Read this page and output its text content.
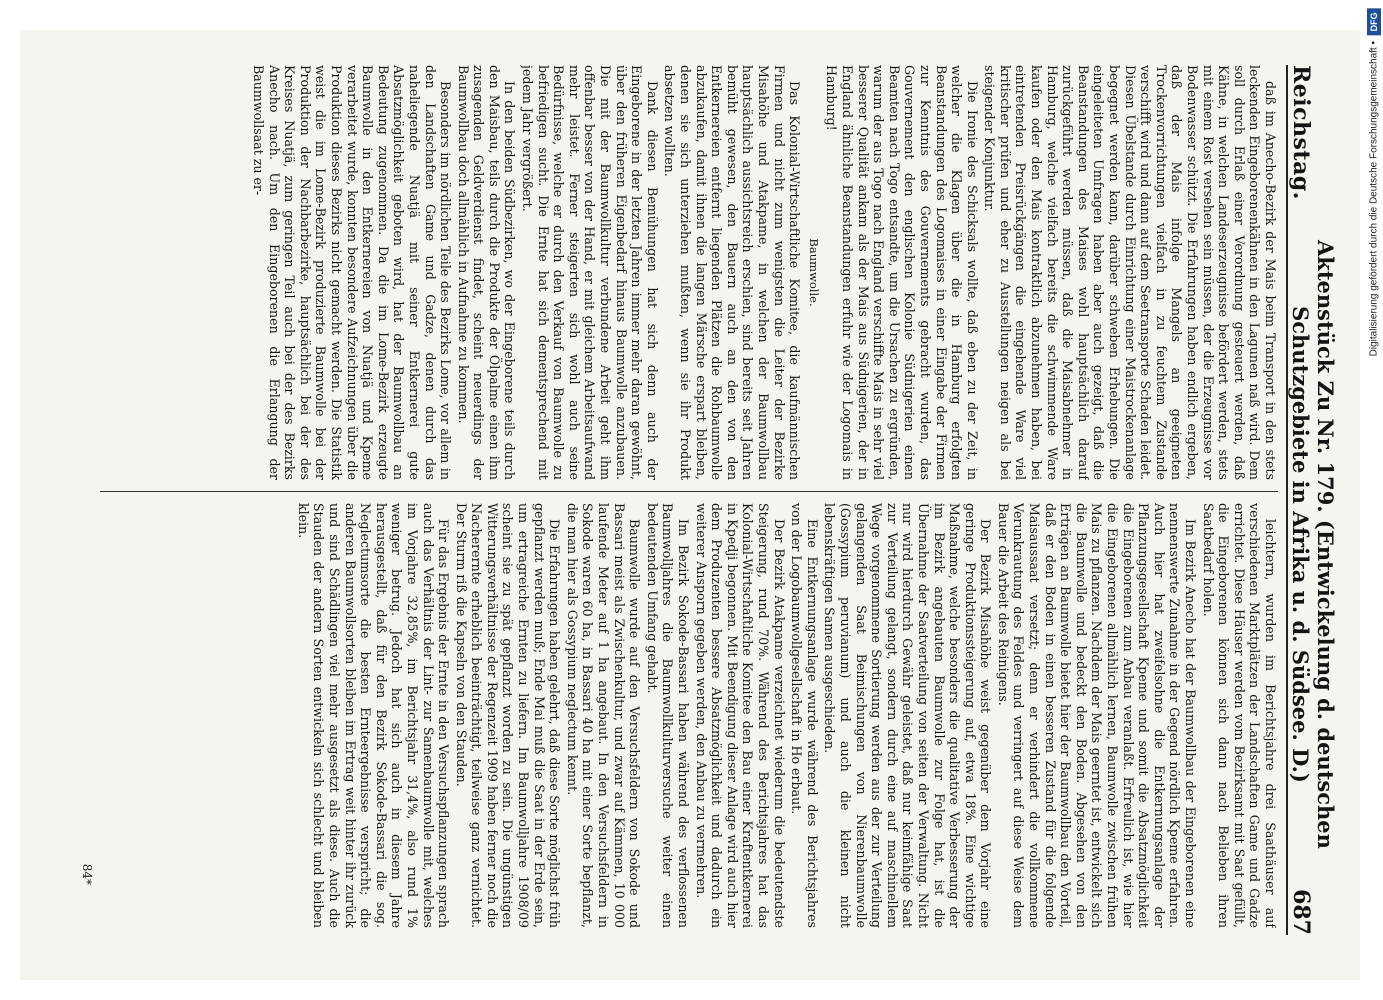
Reichstag.
Aktenstück Zu Nr. 179. (Entwickelung d. deutschen Schutzgebiete in Afrika u. d. Südsee. D.)
687

daß im Anecho-Bezirk der Mais beim Transport in den stets leckenden Eingeborenenkähnen in den Lagunen naß wird. Dem soll durch Erlaß einer Verordnung gesteuert werden, daß Kähne, in welchen Landeserzeugnisse befördert werden, stets mit einem Rost versehen sein müssen, der die Erzeugnisse vor Bodenwasser schützt. Die Erfahrungen haben endlich ergeben, daß der Mais infolge Mangels an geeigneten Trockenvorrichtungen vielfach in zu feuchtem Zustande verschifft wird und dann auf dem Seetransporte Schaden leidet. Diesen Übelstande durch Einrichtung einer Maistrockenanlage begegnet werden kann, darüber schweben Erhebungen. Die eingeleiteten Umfragen haben aber auch gezeigt, daß die Beanstandungen des Maises wohl hauptsächlich darauf zurückgeführt werden müssen, daß die Maisabnehmer in Hamburg, welche vielfach bereits die schwimmende Ware kaufen oder den Mais kontraktlich abzunehmen haben, bei eintretenden Preisrückgängen die eingehende Ware viel kritischer prüfen und eher zu Ausstellungen neigen als bei steigender Konjunktur.

Die Ironie des Schicksals wollte, daß eben zu der Zeit, in welcher die Klagen über die in Hamburg erfolgten Beanstandungen des Logomaises in einer Eingabe der Firmen zur Kenntnis des Gouvernements gebracht wurden, das Gouvernement den englischen Kolonie Südnigerien einen Beamten nach Togo entsandte, um die Ursachen zu ergründen, warum der aus Togo nach England verschiffte Mais in sehr viel besserer Qualität ankam als der Mais aus Südnigerien, der in England ähnliche Beanstandungen erfuhr wie der Logomais in Hamburg!

Baumwolle.

Das Kolonial-Wirtschaftliche Komitee, die kaufmännischen Firmen und nicht zum wenigsten die Leiter der Bezirke Misahöhe und Atakpame, in welchen der Baumwollbau hauptsächlich aussichtsreich erschien, sind bereits seit Jahren bemüht gewesen, den Bauern auch an den von den Entkernereien entfernt liegenden Plätzen die Rohbaumwolle abzukaufen, damit ihnen die langen Märsche erspart bleiben, denen sie sich unterziehen mußten, wenn sie ihr Produkt absetzen wollten.

Dank diesen Bemühungen hat sich denn auch der Eingeborene in der letzten Jahren immer mehr daran gewöhnt, über den früheren Eigenbedarf hinaus Baumwolle anzubauen. Die mit der Baumwollkultur verbundene Arbeit geht ihm offenbar besser von der Hand, er mit gleichem Arbeitsaufwand mehr leistet. Ferner steigerten sich wohl auch seine Bedürfnisse, welche er durch den Verkauf von Baumwolle zu befriedigen sucht. Die Ernte hat sich dementsprechend mit jedem Jahr vergrößert.

In den beiden Südbezirken, wo der Eingeborene teils durch den Maisbau, teils durch die Produkte der Ölpalme einen ihm zusagenden Geldverdienst findet, scheint neuerdings der Baumwollbau doch allmählich in Aufnahme zu kommen.

Besonders im nördlichen Teile des Bezirks Lome, vor allem in den Landschaften Game und Gadze, denen durch das naheliegende Nuatjä mit seiner Entkernerei gute Absatzmöglichkeit geboten wird, hat der Baumwollbau an Bedeutung zugenommen. Da die im Lome-Bezirk erzeugte Baumwolle in den Entkernereien von Nuatjä und Kpeme verarbeitet wurde, konnten besondere Aufzeichnungen über die Produktion dieses Bezirks nicht gemacht werden. Die Statistik weist die im Lome-Bezirk produzierte Baumwolle bei der Produktion der Nachbarbezirke, hauptsächlich bei der des Kreises Nuatjä, zum geringen Teil auch bei der des Bezirks Anecho nach. Um den Eingeborenen die Erlangung der Baumwollsaat zu er-

leichtern, wurden im Berichtsjahre drei Saathäuser auf verschiedenen Marktplätzen der Landschaften Game und Gadze errichtet. Diese Häuser werden vom Bezirksamt mit Saat gefüllt, die Eingeborenen können sich dann nach Belieben ihren Saatbedarf holen.

Im Bezirk Anecho hat der Baumwollbau der Eingeborenen eine nennenswerte Zunahme in der Gegend nördlich Kpeme erfahren. Auch hier hat zweifelsohne die Entkernungsanlage der Pflanzungsgesellschaft Kpeme und somit die Absatzmöglichkeit die Eingeborenen zum Anbau veranlaßt. Erfreulich ist, wie hier die Eingeborenen allmählich lernen, Baumwolle zwischen frühen Mais zu pflanzen. Nachdem der Mais geerntet ist, entwickelt sich die Baumwolle und bedeckt den Boden. Abgesehen von den Erträgen an Baumwolle bietet hier der Baumwollbau den Vorteil, daß er den Boden in einen besseren Zustand für die folgende Maisaussaat versetzt; denn er verhindert die vollkommene Verunkrautung des Feldes und verringert auf diese Weise dem Bauer die Arbeit des Reinigens.

Der Bezirk Misahöhe weist gegenüber dem Vorjahr eine geringe Produktionssteigerung auf, etwa 18%. Eine wichtige Maßnahme, welche besonders die qualitative Verbesserung der im Bezirk angebauten Baumwolle zur Folge hat, ist die Übernahme der Saatverteilung von seiten der Verwaltung. Nicht nur wird hierdurch Gewähr geleistet, daß nur keimfähige Saat zur Verteilung gelangt, sondern durch eine auf maschinellem Wege vorgenommene Sortierung werden aus der zur Verteilung gelangenden Saat Beimischungen von Nierenbaumwolle (Gossypium peruvianum) und auch die kleinen nicht lebenskräftigen Samen ausgeschieden.

Eine Entkernungsanlage wurde während des Berichtsjahres von der Logobaumwollgesellschaft in Ho erbaut.

Der Bezirk Atakpame verzeichnet wiederum die bedeutendste Steigerung, rund 70%. Während des Berichtsjahres hat das Kolonial-Wirtschaftliche Komitee den Bau einer Kraftentkernerei in Kpedji begonnen. Mit Beendigung dieser Anlage wird auch hier dem Produzenten bessere Absatzmöglichkeit und dadurch ein weiterer Ansporn gegeben werden, den Anbau zu vermehren.

Im Bezirk Sokode-Bassari haben während des verflossenen Baumwolljahres die Baumwollkulturversuche weiter einen bedeutenden Umfang gehabt.

Baumwolle wurde auf den Versuchsfeldern von Sokode und Bassari meist als Zwischenkultur, und zwar auf Kämmen, 10 000 laufende Meter auf 1 ha angebaut. In den Versuchsfeldern in Sokode waren 60 ha, in Bassari 40 ha mit einer Sorte bepflanzt, die man hier als Gossypium neglectum kennt.

Die Erfahrungen haben gelehrt, daß diese Sorte möglichst früh gepflanzt werden muß; Ende Mai muß die Saat in der Erde sein, um ertragreiche Ernten zu liefern. Im Baumwolljahre 1908/09 scheint sie zu spät gepflanzt worden zu sein. Die ungünstigen Witterungsverhältnisse der Regenzeit 1909 haben ferner noch die Nacherernte erheblich beeinträchtigt, teilweise ganz vernichtet. Der Sturm riß die Kapseln von den Stauden.

Für das Ergebnis der Ernte in den Versuchspflanzungen sprach auch das Verhältnis der Lint- zur Samenbaumwolle mit, welches im Vorjahre 32,85%, im Berichtsjahr 31,4%, also rund 1% weniger betrug. Jedoch hat sich auch in diesem Jahre herausgestellt, daß für den Bezirk Sokode-Bassari die sog. Neglectumsorte die besten Ernteergebnisse verspricht; die anderen Baumwollsorten bleiben im Ertrag weit hinter ihr zurück und sind Schädlingen viel mehr ausgesetzt als diese. Auch die Stauden der andern Sorten entwickeln sich schlecht und bleiben klein.

84*
Digitalisierung gefördert durch die Deutsche Forschungsgemeinschaft •
DFG
